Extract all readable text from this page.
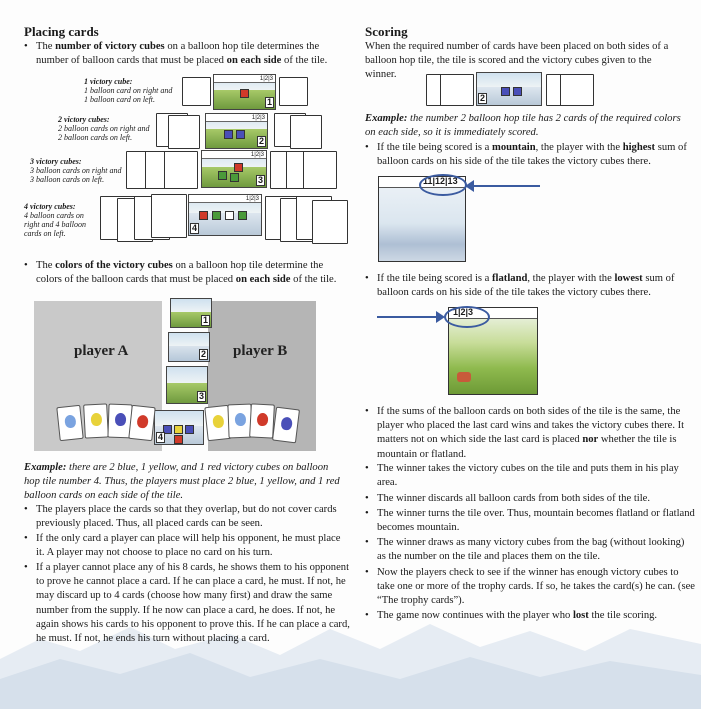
Placing cards

• The number of victory cubes on a balloon hop tile determines the number of balloon cards that must be placed on each side of the tile.

1 victory cube:
1 balloon card on right and
1 balloon card on left.
1|2|3
1
2 victory cubes:
2 balloon cards on right and
2 balloon cards on left.
1|2|3
2
3 victory cubes:
3 balloon cards on right and
3 balloon cards on left.
1|2|3
3
4 victory cubes:
4 balloon cards on
right and 4 balloon
cards on left.
1|2|3
4

• The colors of the victory cubes on a balloon hop tile determine the colors of the balloon cards that must be placed on each side of the tile.

player A	player B
1
2
3
4

Example: there are 2 blue, 1 yellow, and 1 red victory cubes on balloon hop tile number 4. Thus, the players must place 2 blue, 1 yellow, and 1 red balloon cards on each side of the tile.

• The players place the cards so that they overlap, but do not cover cards previously placed. Thus, all placed cards can be seen.

• If the only card a player can place will help his opponent, he must place it. A player may not choose to place no card on his turn.

• If a player cannot place any of his 8 cards, he shows them to his opponent to prove he cannot place a card. If he can place a card, he must. If not, he may discard up to 4 cards (choose how many first) and draw the same number from the supply. If he now can place a card, he does. If not, he again shows his cards to his opponent to prove this. If he can place a card, he must. If not, he ends his turn without placing a card.

Scoring

When the required number of cards have been placed on both sides of a balloon hop tile, the tile is scored and the victory cubes given to the winner.

2

Example: the number 2 balloon hop tile has 2 cards of the required colors on each side, so it is immediately scored.

• If the tile being scored is a mountain, the player with the highest sum of balloon cards on his side of the tile takes the victory cubes there.

11|12|13

• If the tile being scored is a flatland, the player with the lowest sum of balloon cards on his side of the tile takes the victory cubes there.

1|2|3

• If the sums of the balloon cards on both sides of the tile is the same, the player who placed the last card wins and takes the victory cubes there. It matters not on which side the last card is placed nor whether the tile is mountain or flatland.

• The winner takes the victory cubes on the tile and puts them in his play area.

• The winner discards all balloon cards from both sides of the tile.

• The winner turns the tile over. Thus, mountain becomes flatland or flatland becomes mountain.

• The winner draws as many victory cubes from the bag (without looking) as the number on the tile and places them on the tile.

• Now the players check to see if the winner has enough victory cubes to take one or more of the trophy cards. If so, he takes the card(s) he can. (see “The trophy cards”).

• The game now continues with the player who lost the tile scoring.
